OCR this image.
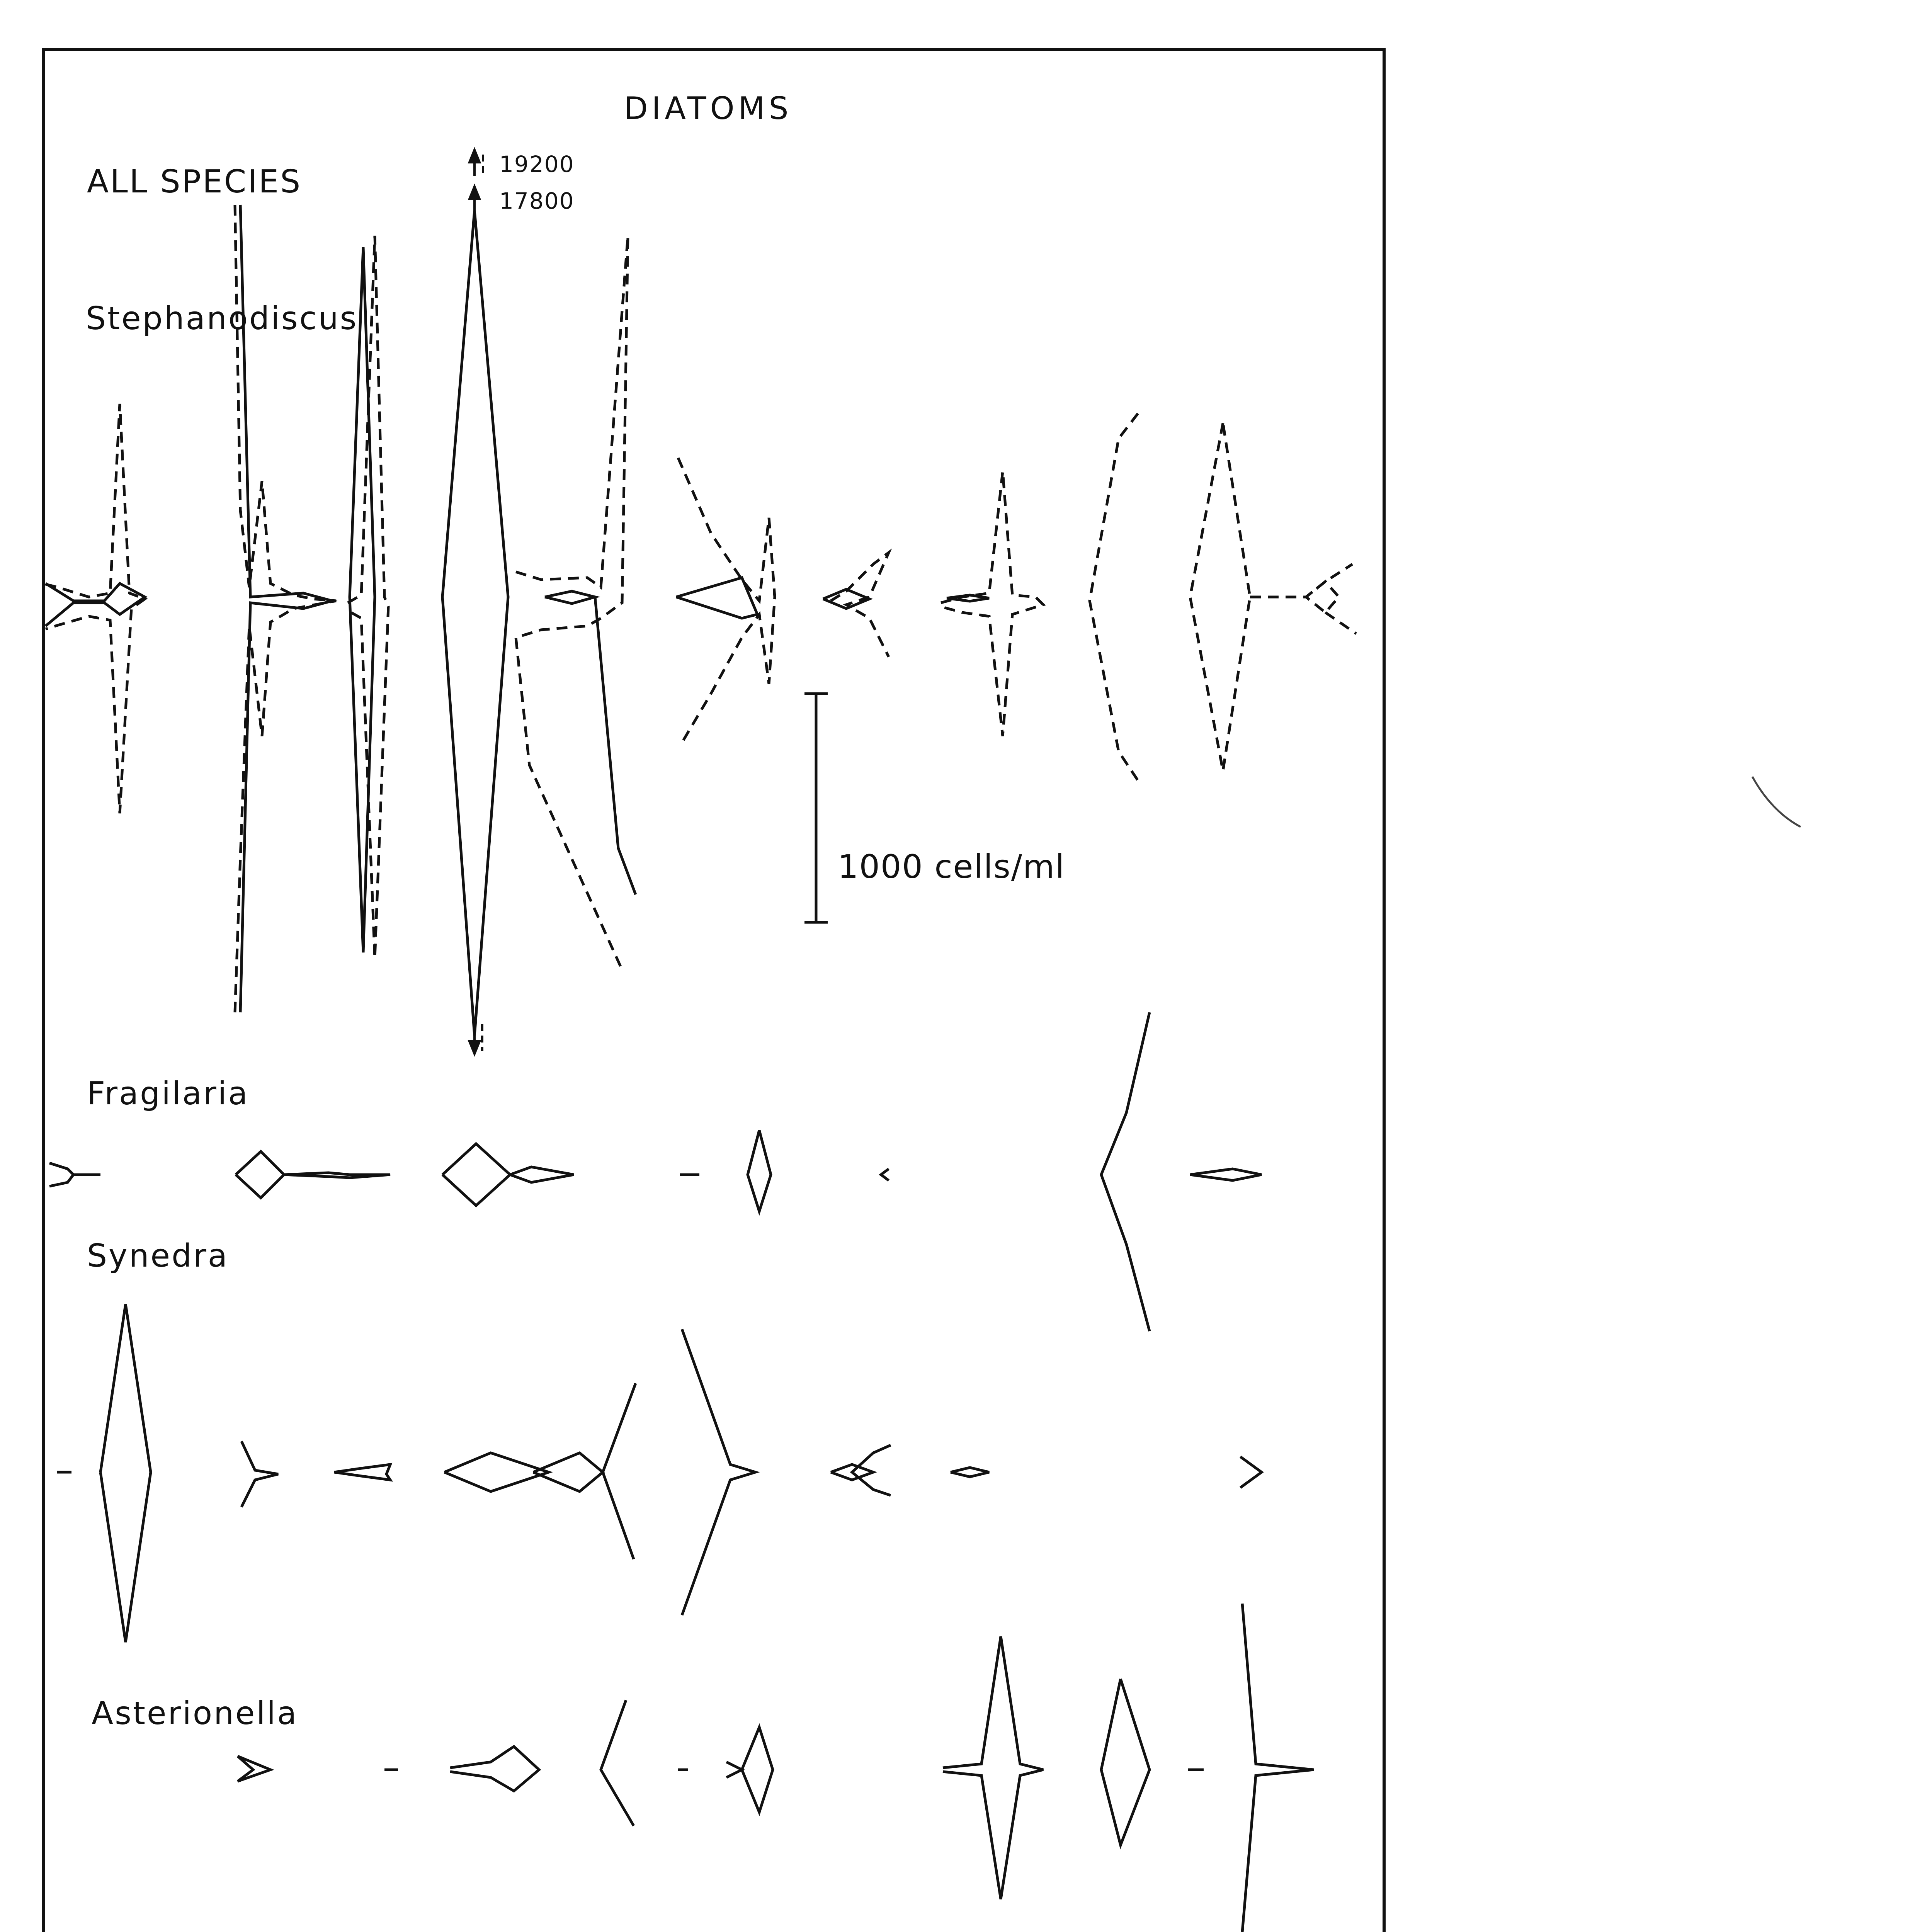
DIATOMS
ALL SPECIES
Stephanodiscus
Fragilaria
Synedra
Asterionella
19200
17800
1000 cells/ml
